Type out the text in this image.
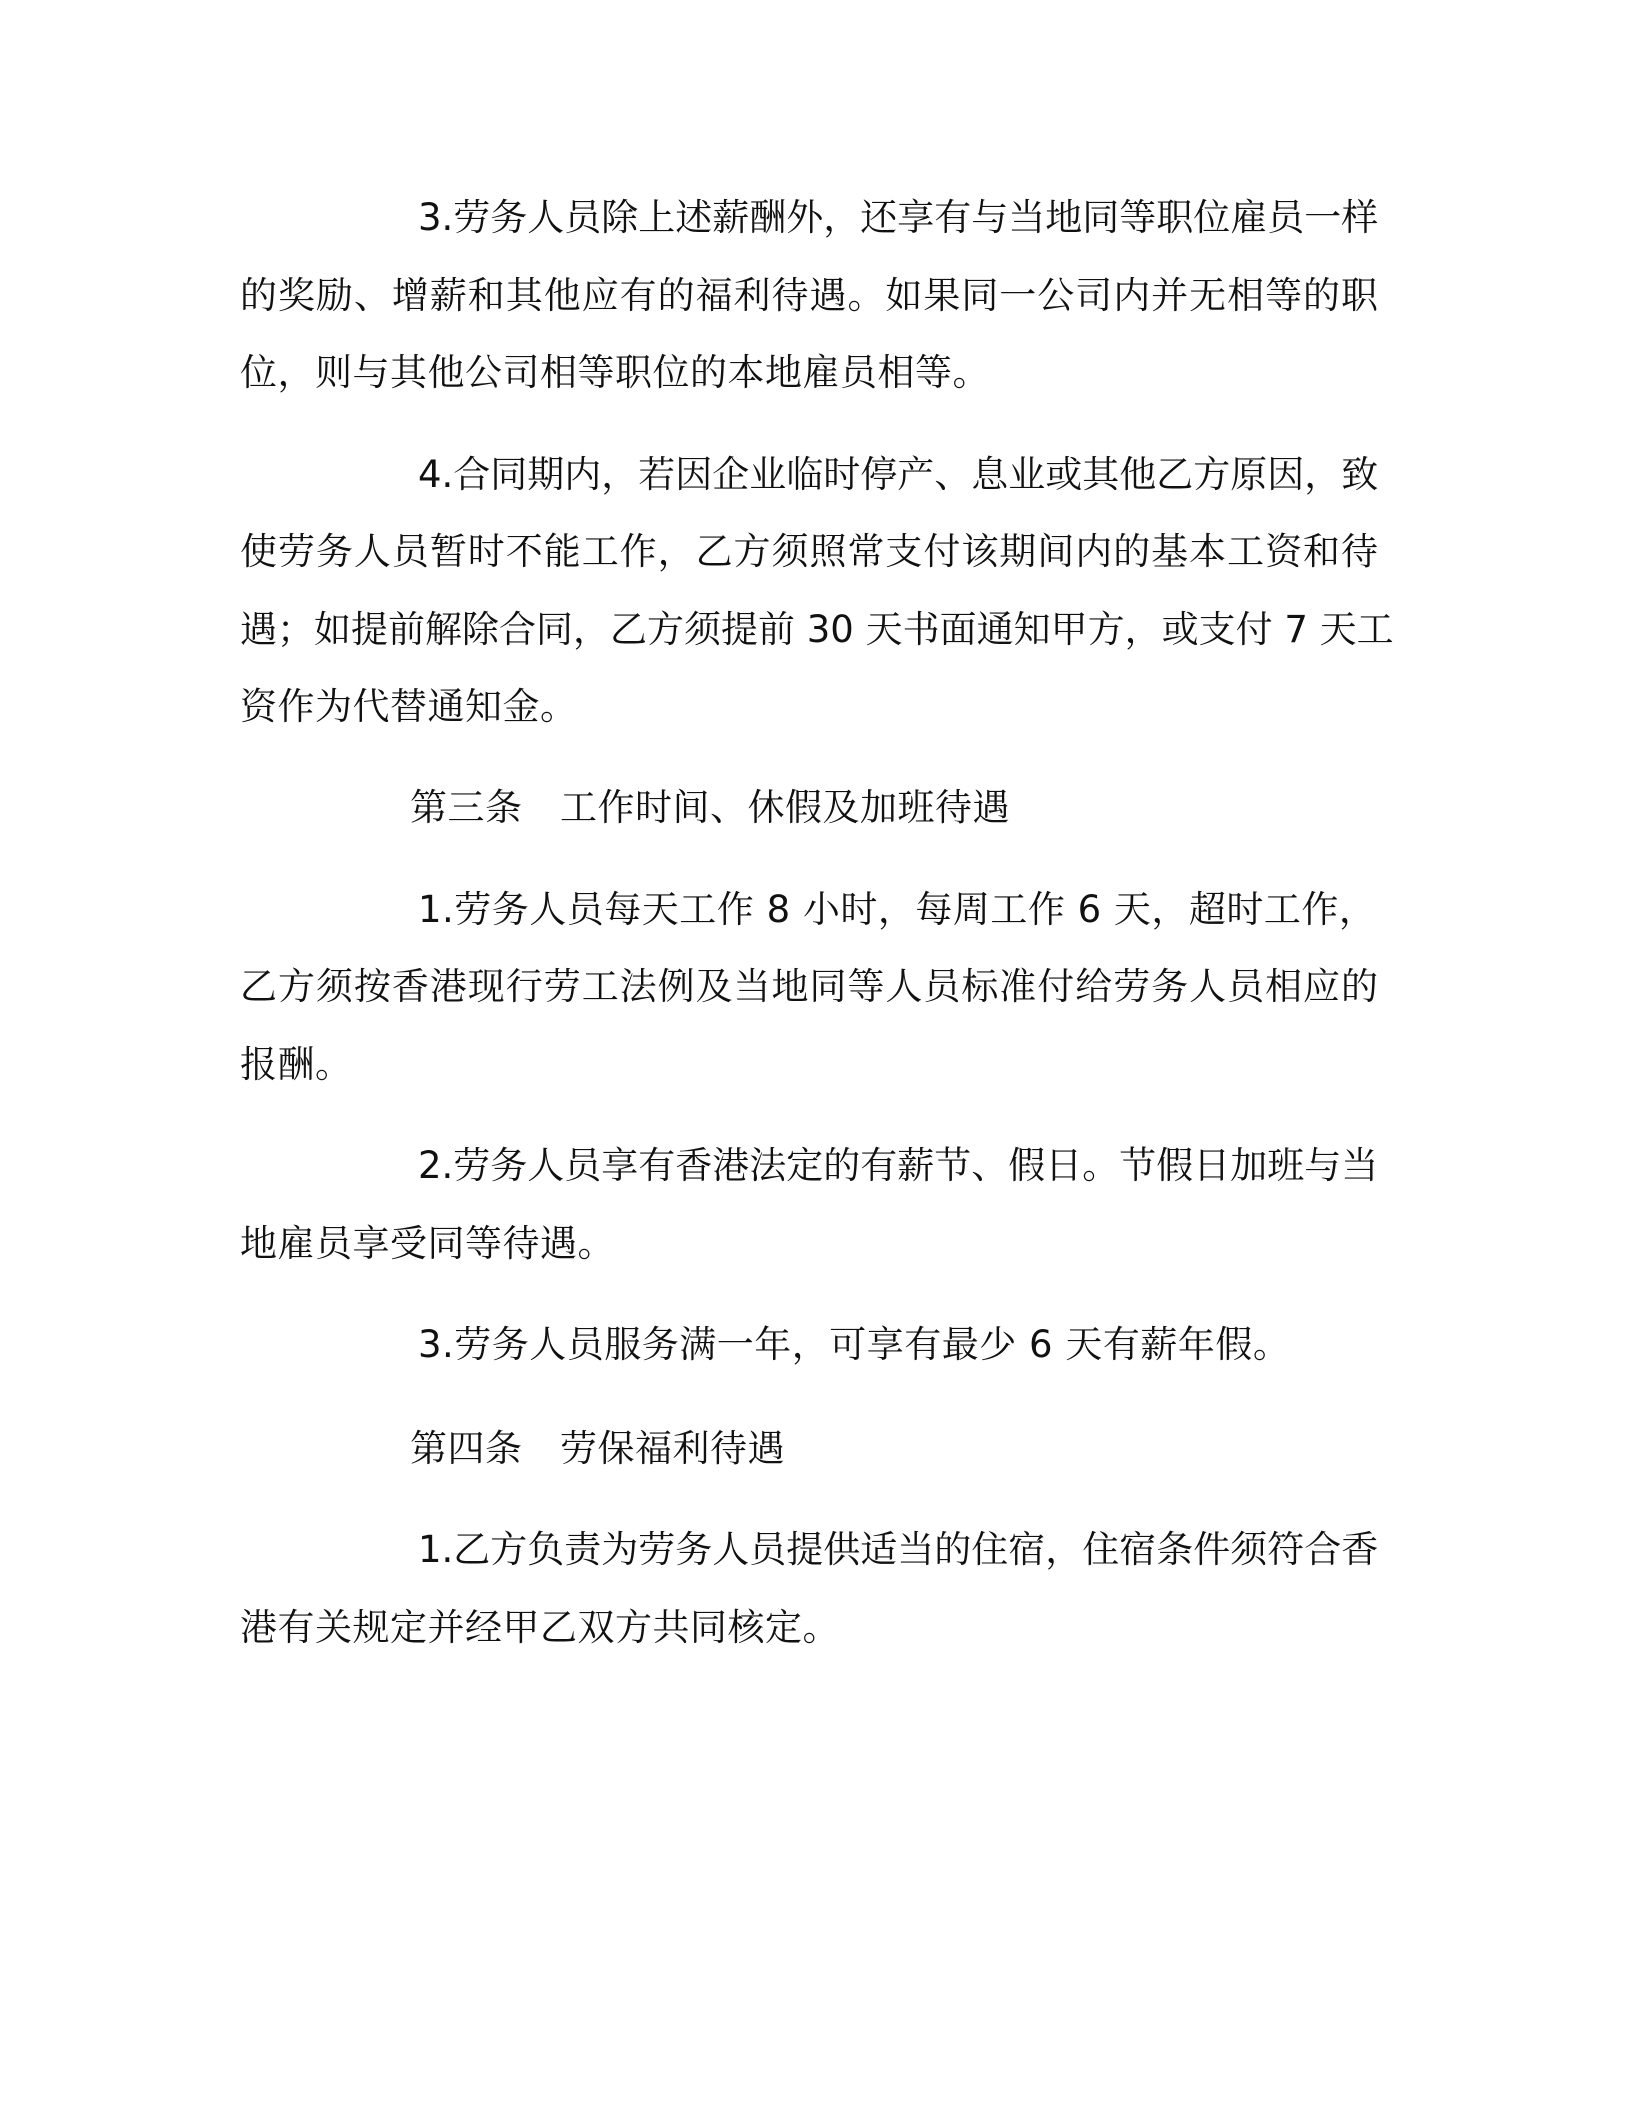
3.劳务人员除上述薪酬外，还享有与当地同等职位雇员一样
的奖励、增薪和其他应有的福利待遇。如果同一公司内并无相等的职
位，则与其他公司相等职位的本地雇员相等。
4.合同期内，若因企业临时停产、息业或其他乙方原因，致
使劳务人员暂时不能工作，乙方须照常支付该期间内的基本工资和待
遇；如提前解除合同，乙方须提前 30 天书面通知甲方，或支付 7 天工
资作为代替通知金。
第三条　工作时间、休假及加班待遇
1.劳务人员每天工作 8 小时，每周工作 6 天，超时工作，
乙方须按香港现行劳工法例及当地同等人员标准付给劳务人员相应的
报酬。
2.劳务人员享有香港法定的有薪节、假日。节假日加班与当
地雇员享受同等待遇。
3.劳务人员服务满一年，可享有最少 6 天有薪年假。
第四条　劳保福利待遇
1.乙方负责为劳务人员提供适当的住宿，住宿条件须符合香
港有关规定并经甲乙双方共同核定。
